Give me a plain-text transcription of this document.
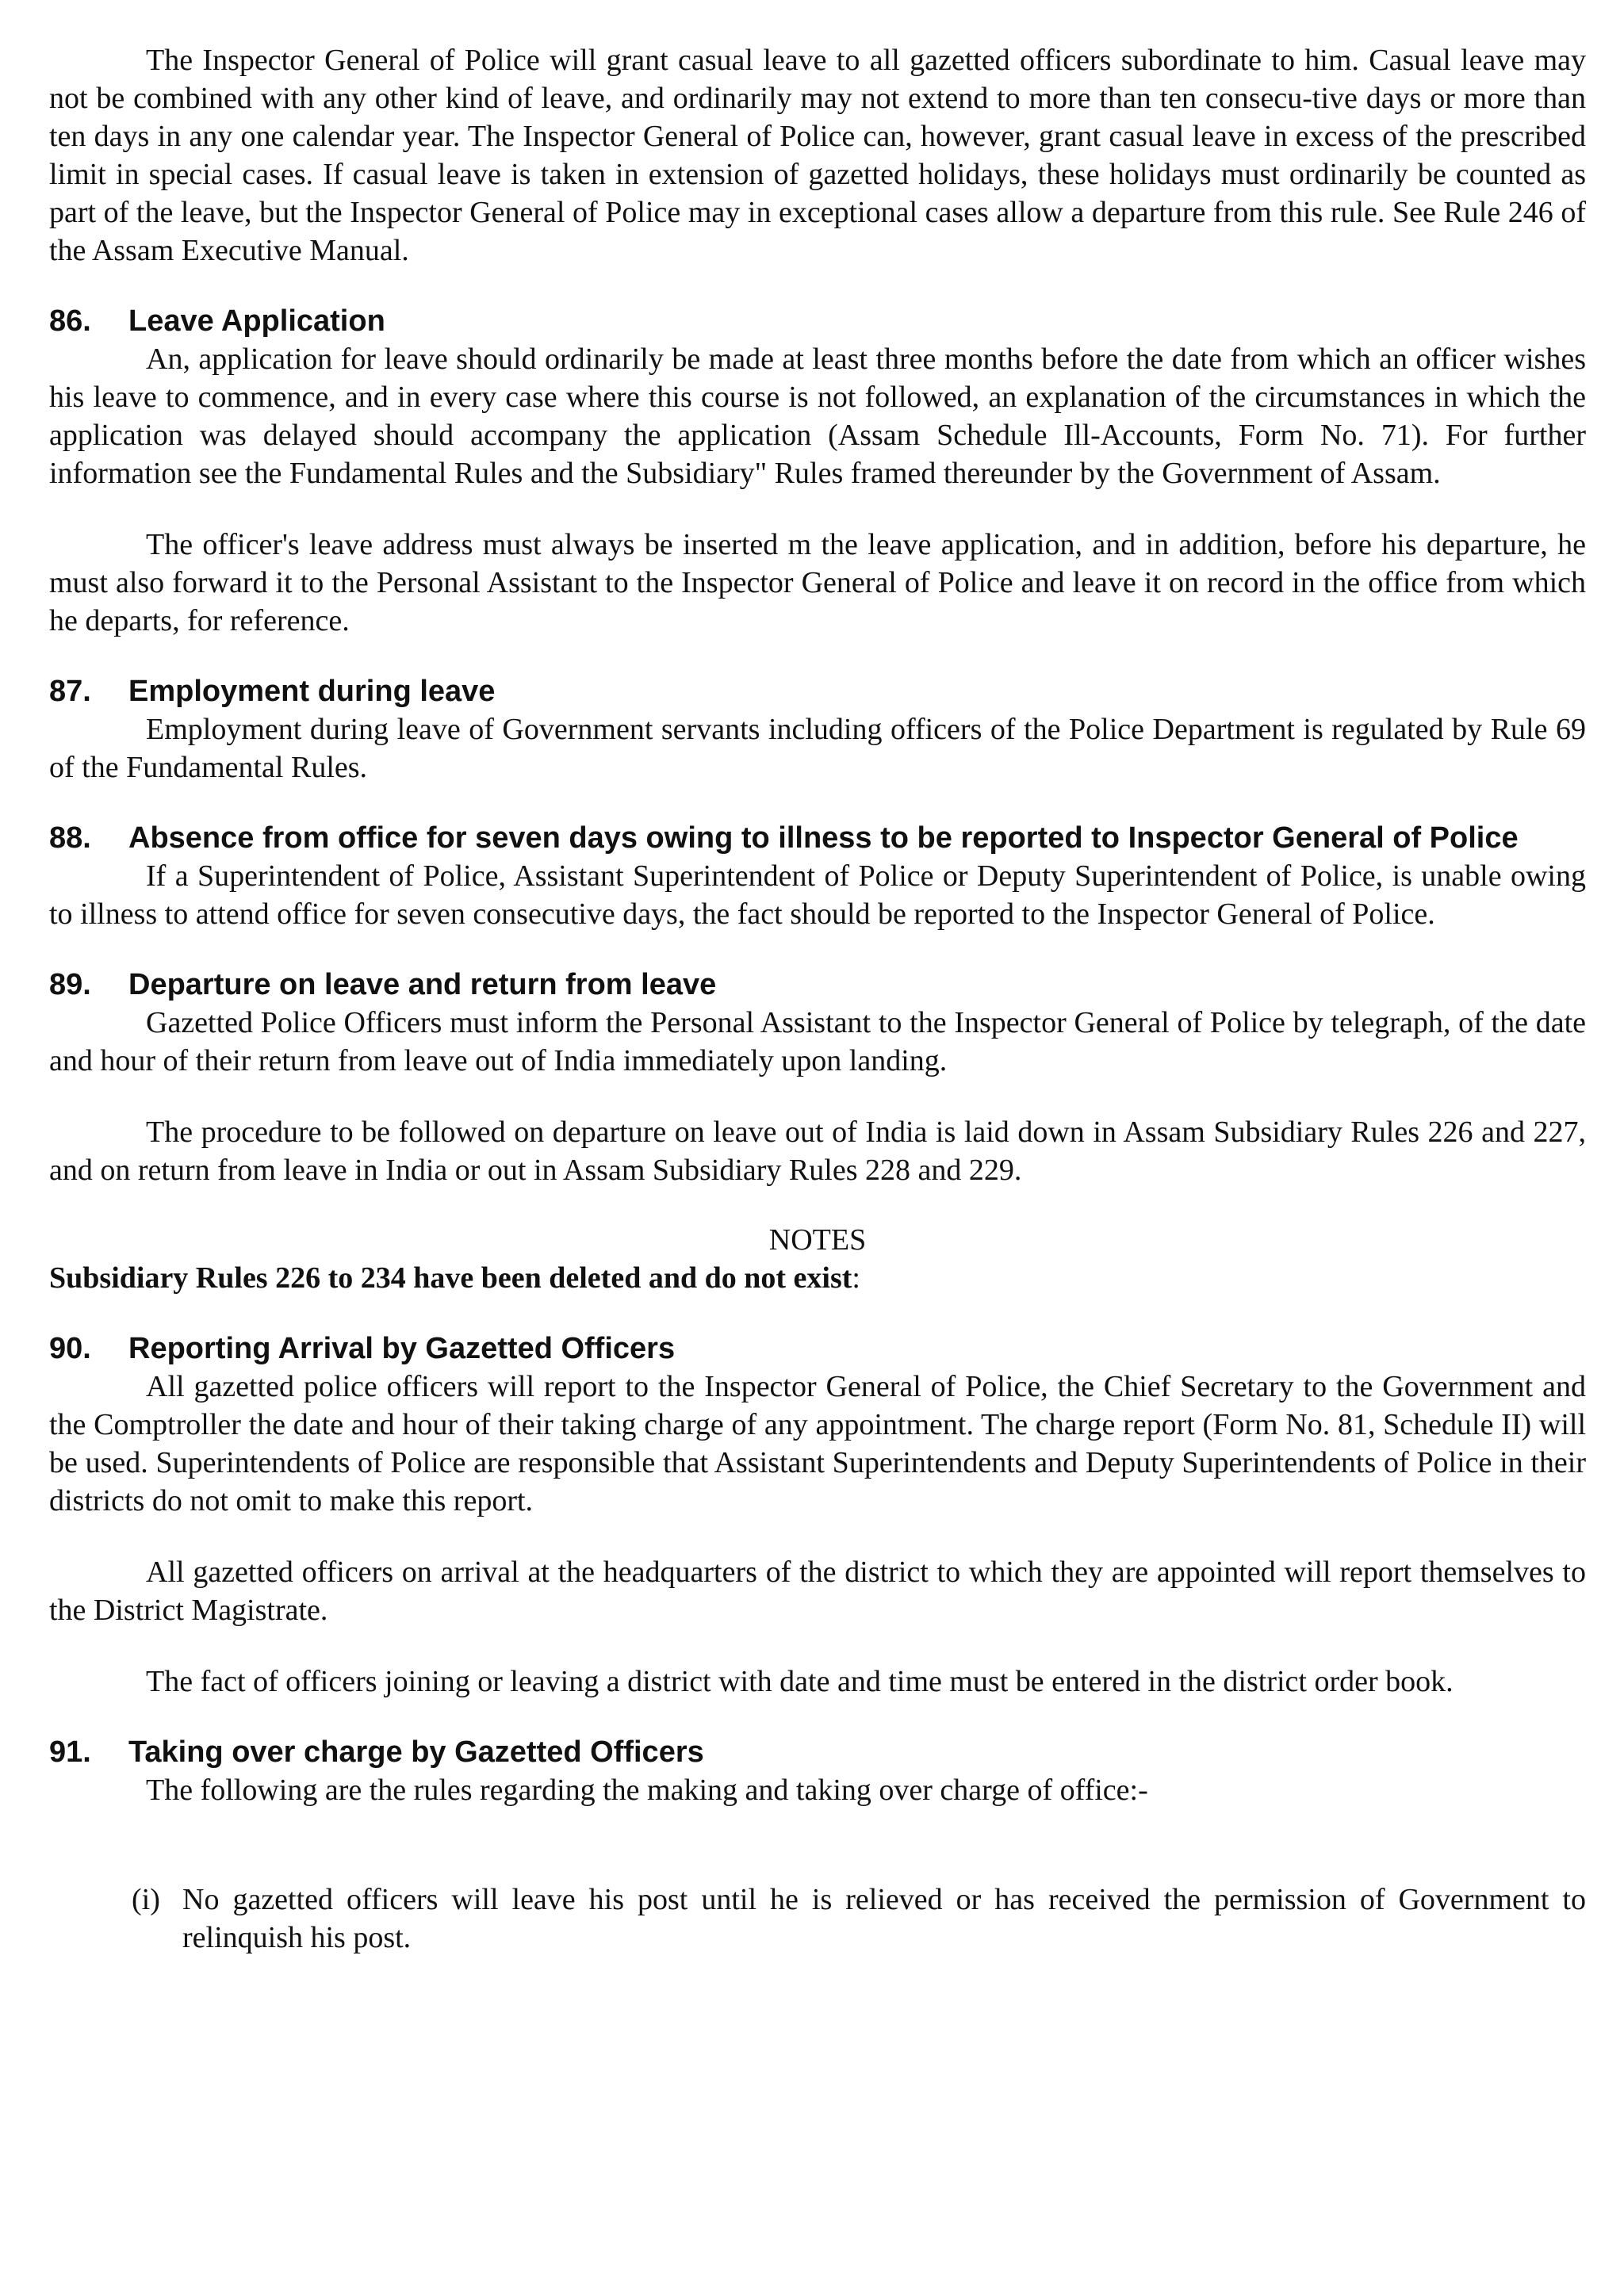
The Inspector General of Police will grant casual leave to all gazetted officers subordinate to him. Casual leave may not be combined with any other kind of leave, and ordinarily may not extend to more than ten consecu-tive days or more than ten days in any one calendar year. The Inspector General of Police can, however, grant casual leave in excess of the prescribed limit in special cases. If casual leave is taken in extension of gazetted holidays, these holidays must ordinarily be counted as part of the leave, but the Inspector General of Police may in exceptional cases allow a departure from this rule. See Rule 246 of the Assam Executive Manual.

86.	Leave Application

An, application for leave should ordinarily be made at least three months before the date from which an officer wishes his leave to commence, and in every case where this course is not followed, an explanation of the circumstances in which the application was delayed should accompany the application (Assam Schedule Ill-Accounts, Form No. 71). For further information see the Fundamental Rules and the Subsidiary" Rules framed thereunder by the Government of Assam.

The officer's leave address must always be inserted m the leave application, and in addition, before his departure, he must also forward it to the Personal Assistant to the Inspector General of Police and leave it on record in the office from which he departs, for reference.

87.	Employment during leave

Employment during leave of Government servants including officers of the Police Department is regulated by Rule 69 of the Fundamental Rules.

88.	Absence from office for seven days owing to illness to be reported to Inspector General of Police

If a Superintendent of Police, Assistant Superintendent of Police or Deputy Superintendent of Police, is unable owing to illness to attend office for seven consecutive days, the fact should be reported to the Inspector General of Police.

89.	Departure on leave and return from leave

Gazetted Police Officers must inform the Personal Assistant to the Inspector General of Police by telegraph, of the date and hour of their return from leave out of India immediately upon landing.

The procedure to be followed on departure on leave out of India is laid down in Assam Subsidiary Rules 226 and 227, and on return from leave in India or out in Assam Subsidiary Rules 228 and 229.

NOTES
Subsidiary Rules 226 to 234 have been deleted and do not exist:
90.	Reporting Arrival by Gazetted Officers

All gazetted police officers will report to the Inspector General of Police, the Chief Secretary to the Government and the Comptroller the date and hour of their taking charge of any appointment. The charge report (Form No. 81, Schedule II) will be used. Superintendents of Police are responsible that Assistant Superintendents and Deputy Superintendents of Police in their districts do not omit to make this report.

All gazetted officers on arrival at the headquarters of the district to which they are appointed will report themselves to the District Magistrate.

The fact of officers joining or leaving a district with date and time must be entered in the district order book.

91.	Taking over charge by Gazetted Officers

The following are the rules regarding the making and taking over charge of office:-

(i) No gazetted officers will leave his post until he is relieved or has received the permission of Government to relinquish his post.
